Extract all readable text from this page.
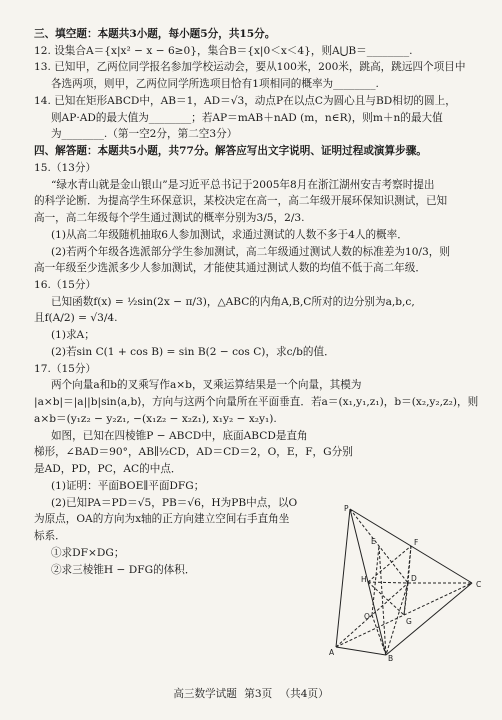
三、填空题：本题共3小题，每小题5分，共15分。

12. 设集合A＝{x|x² − x − 6≥0}，集合B＝{x|0＜x＜4}，则A⋃B＝________.

13. 已知甲，乙两位同学报名参加学校运动会，要从100米，200米，跳高，跳远四个项目中

各选两项，则甲，乙两位同学所选项目恰有1项相同的概率为________.

14. 已知在矩形ABCD中，AB＝1，AD＝√3，动点P在以点C为圆心且与BD相切的圆上，

则AP·AD的最大值为________；若AP＝mAB＋nAD (m，n∈R)，则m＋n的最大值

为________.（第一空2分，第二空3分）

四、解答题：本题共5小题，共77分。解答应写出文字说明、证明过程或演算步骤。

15.（13分）

“绿水青山就是金山银山”是习近平总书记于2005年8月在浙江湖州安吉考察时提出

的科学论断．为提高学生环保意识，某校决定在高一，高二年级开展环保知识测试，已知

高一，高二年级每个学生通过测试的概率分别为3/5，2/3.

(1)从高二年级随机抽取6人参加测试，求通过测试的人数不多于4人的概率．

(2)若两个年级各选派部分学生参加测试，高二年级通过测试人数的标准差为10/3，则

高一年级至少选派多少人参加测试，才能使其通过测试人数的均值不低于高二年级．

16.（15分）

已知函数f(x) = ½sin(2x − π/3)，△ABC的内角A,B,C所对的边分别为a,b,c,

且f(A/2) = √3/4.

(1)求A；

(2)若sin C(1 + cos B) = sin B(2 − cos C)，求c/b的值．

17.（15分）

两个向量a和b的叉乘写作a×b，叉乘运算结果是一个向量，其模为

|a×b|＝|a||b|sin⟨a,b⟩，方向与这两个向量所在平面垂直．若a＝(x₁,y₁,z₁)，b＝(x₂,y₂,z₂)，则

a×b＝(y₁z₂ − y₂z₁, −(x₁z₂ − x₂z₁), x₁y₂ − x₂y₁).

如图，已知在四棱锥P − ABCD中，底面ABCD是直角

梯形，∠BAD＝90°，AB∥½CD，AD＝CD＝2，O，E，F，G分别

是AD，PD，PC，AC的中点．

(1)证明：平面BOE∥平面DFG；

(2)已知PA＝PD＝√5，PB＝√6，H为PB中点，以O

为原点，OA的方向为x轴的正方向建立空间右手直角坐

标系．

①求DF×DG；

②求三棱锥H − DFG的体积．

P
E	F
H
O
D
G
C
A
B
高三数学试题 第3页 （共4页）
